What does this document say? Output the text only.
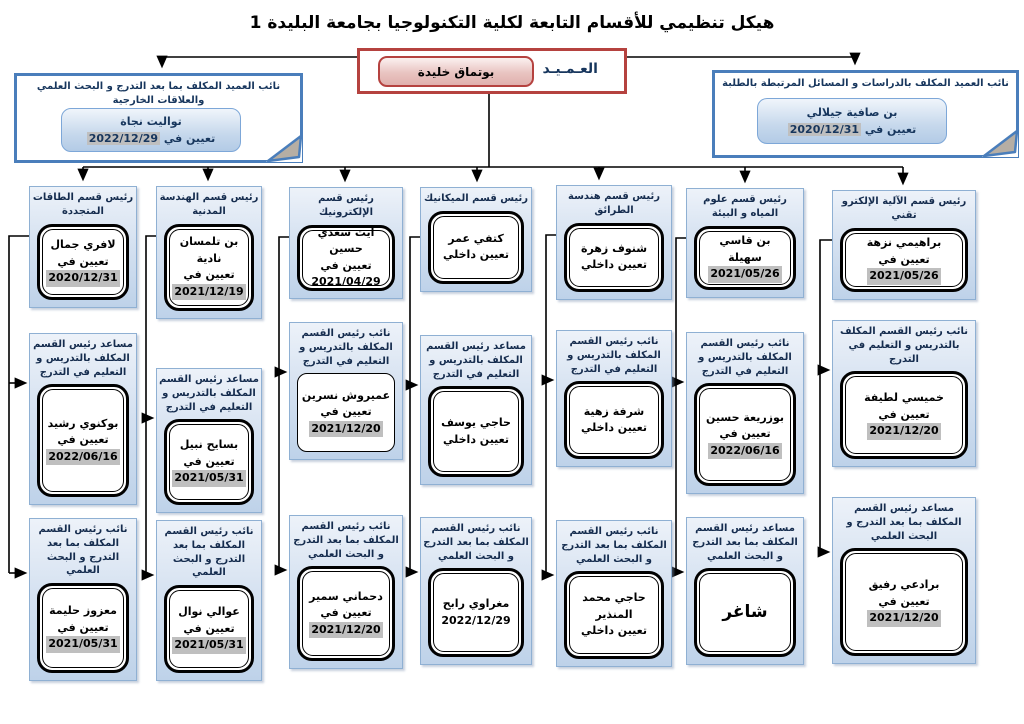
هيكل تنظيمي للأقسام التابعة لكلية التكنولوجيا بجامعة البليدة 1
العـمـيـد
بوتماق خليدة
نائب العميد المكلف بما بعد التدرج و البحث العلمي والعلاقات الخارجية
تواليت نجاة
تعيين في 2022/12/29
نائب العميد المكلف بالدراسات و المسائل المرتبطة بالطلبة
بن صافية جيلالي
تعيين في 2020/12/31
رئيس قسم الطاقات المتجددة
لافري جمال
تعيين في
2020/12/31
مساعد رئيس القسم المكلف بالتدريس و التعليم في التدرج
بوكنوي رشيد
تعيين في
2022/06/16
نائب رئيس القسم المكلف بما بعد التدرج و البحث العلمي
معزوز حليمة
تعيين في
2021/05/31
رئيس قسم الهندسة المدنية
بن تلمسان نادية
تعيين في
2021/12/19
مساعد رئيس القسم المكلف بالتدريس و التعليم في التدرج
بسايح نبيل
تعيين في
2021/05/31
نائب رئيس القسم المكلف بما بعد التدرج و البحث العلمي
عوالي نوال
تعيين في
2021/05/31
رئيس قسم الإلكترونيك
أيت سعدي حسين
تعيين في
2021/04/29
نائب رئيس القسم المكلف بالتدريس و التعليم في التدرج
عميروش نسرين
تعيين في
2021/12/20
نائب رئيس القسم المكلف بما بعد التدرج و البحث العلمي
دحماني سمير
تعيين في
2021/12/20
رئيس قسم الميكانيك
كتفي عمر
تعيين داخلي
مساعد رئيس القسم المكلف بالتدريس و التعليم في التدرج
حاجي يوسف
تعيين داخلي
نائب رئيس القسم المكلف بما بعد التدرج و البحث العلمي
مغراوي رابح
2022/12/29
رئيس قسم هندسة الطرائق
شنوف زهرة
تعيين داخلي
نائب رئيس القسم المكلف بالتدريس و التعليم في التدرج
شرفة زهية
تعيين داخلي
نائب رئيس القسم المكلف بما بعد التدرج و البحث العلمي
حاجي محمد المنذير
تعيين داخلي
رئيس قسم علوم المياه و البيئة
بن قاسي سهيلة
2021/05/26
نائب رئيس القسم المكلف بالتدريس و التعليم في التدرج
بوزريعة حسين
تعيين في
2022/06/16
مساعد رئيس القسم المكلف بما بعد التدرج و البحث العلمي
شاغر
رئيس قسم الآلية الإلكترو تقني
براهيمي نزهة
تعيين في
2021/05/26
نائب رئيس القسم المكلف بالتدريس و التعليم في التدرج
خميسي لطيفة
تعيين في
2021/12/20
مساعد رئيس القسم المكلف بما بعد التدرج و البحث العلمي
برادعي رفيق
تعيين في
2021/12/20
